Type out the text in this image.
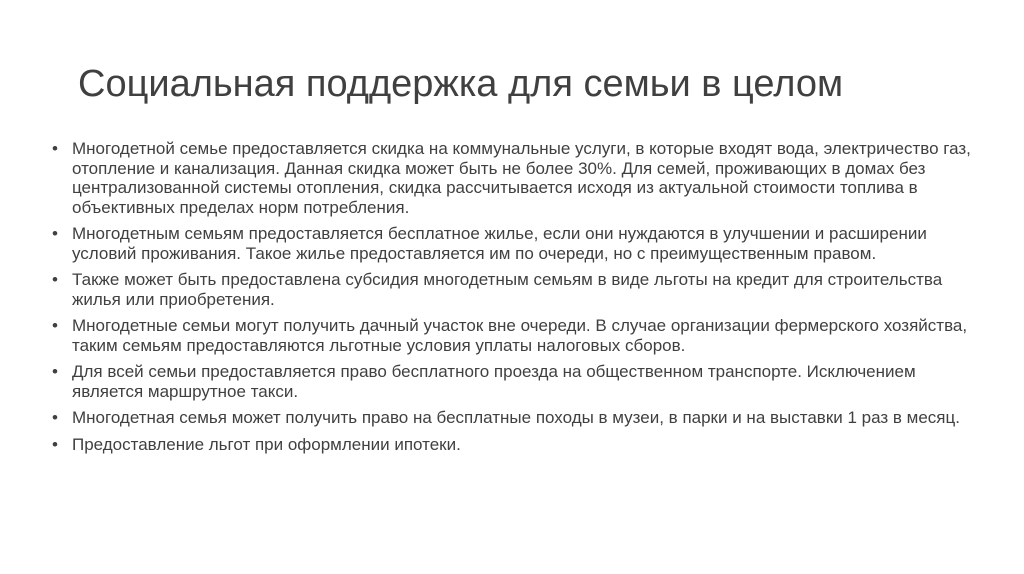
Социальная поддержка для семьи в целом
• Многодетной семье предоставляется скидка на коммунальные услуги, в которые входят вода, электричество газ, отопление и канализация. Данная скидка может быть не более 30%. Для семей, проживающих в домах без централизованной системы отопления, скидка рассчитывается исходя из актуальной стоимости топлива в объективных пределах норм потребления.
• Многодетным семьям предоставляется бесплатное жилье, если они нуждаются в улучшении и расширении условий проживания. Такое жилье предоставляется им по очереди, но с преимущественным правом.
• Также может быть предоставлена субсидия многодетным семьям в виде льготы на кредит для строительства жилья или приобретения.
• Многодетные семьи могут получить дачный участок вне очереди. В случае организации фермерского хозяйства, таким семьям предоставляются льготные условия уплаты налоговых сборов.
• Для всей семьи предоставляется право бесплатного проезда на общественном транспорте. Исключением является маршрутное такси.
• Многодетная семья может получить право на бесплатные походы в музеи, в парки и на выставки 1 раз в месяц.
• Предоставление льгот при оформлении ипотеки.
